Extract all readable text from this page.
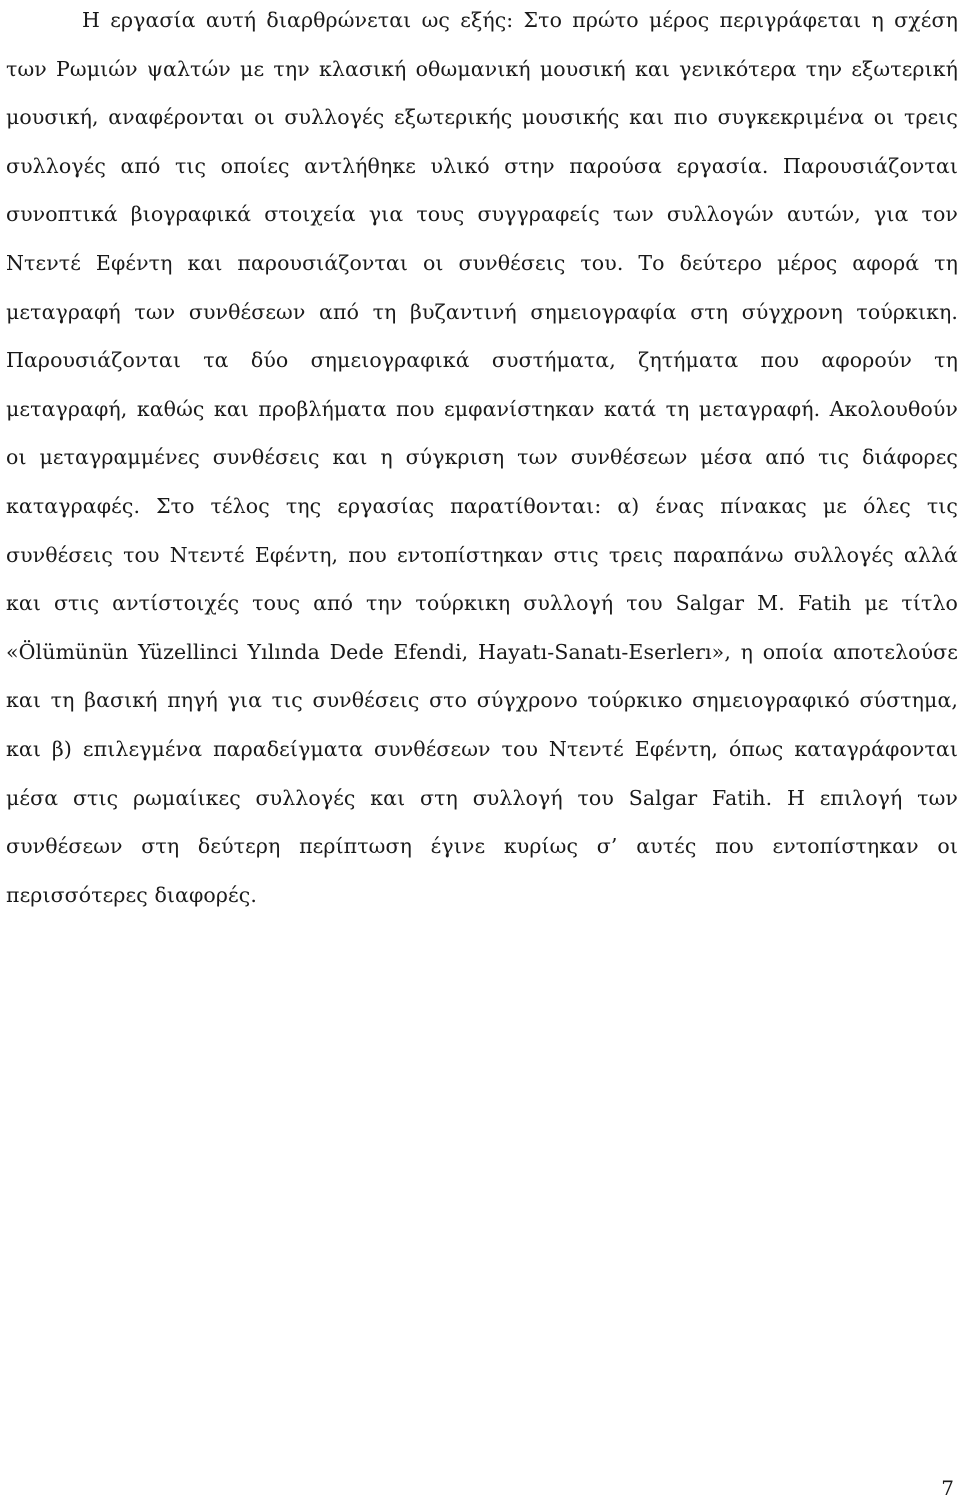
Η εργασία αυτή διαρθρώνεται ως εξής: Στο πρώτο μέρος περιγράφεται η σχέση των Ρωμιών ψαλτών με την κλασική οθωμανική μουσική και γενικότερα την εξωτερική μουσική, αναφέρονται οι συλλογές εξωτερικής μουσικής και πιο συγκεκριμένα οι τρεις συλλογές από τις οποίες αντλήθηκε υλικό στην παρούσα εργασία. Παρουσιάζονται συνοπτικά βιογραφικά στοιχεία για τους συγγραφείς των συλλογών αυτών, για τον Ντεντέ Εφέντη και παρουσιάζονται οι συνθέσεις του. Το δεύτερο μέρος αφορά τη μεταγραφή των συνθέσεων από τη βυζαντινή σημειογραφία στη σύγχρονη τούρκικη. Παρουσιάζονται τα δύο σημειογραφικά συστήματα, ζητήματα που αφορούν τη μεταγραφή, καθώς και προβλήματα που εμφανίστηκαν κατά τη μεταγραφή. Ακολουθούν οι μεταγραμμένες συνθέσεις και η σύγκριση των συνθέσεων μέσα από τις διάφορες καταγραφές. Στο τέλος της εργασίας παρατίθονται: α) ένας πίνακας με όλες τις συνθέσεις του Ντεντέ Εφέντη, που εντοπίστηκαν στις τρεις παραπάνω συλλογές αλλά και στις αντίστοιχές τους από την τούρκικη συλλογή του Salgar M. Fatih με τίτλο «Ölümünün Yüzellinci Yılında Dede Efendi, Hayatı-Sanatı-Eserlerı», η οποία αποτελούσε και τη βασική πηγή για τις συνθέσεις στο σύγχρονο τούρκικο σημειογραφικό σύστημα, και β) επιλεγμένα παραδείγματα συνθέσεων του Ντεντέ Εφέντη, όπως καταγράφονται μέσα στις ρωμαίικες συλλογές και στη συλλογή του Salgar Fatih. Η επιλογή των συνθέσεων στη δεύτερη περίπτωση έγινε κυρίως σ’ αυτές που εντοπίστηκαν οι περισσότερες διαφορές.

7
